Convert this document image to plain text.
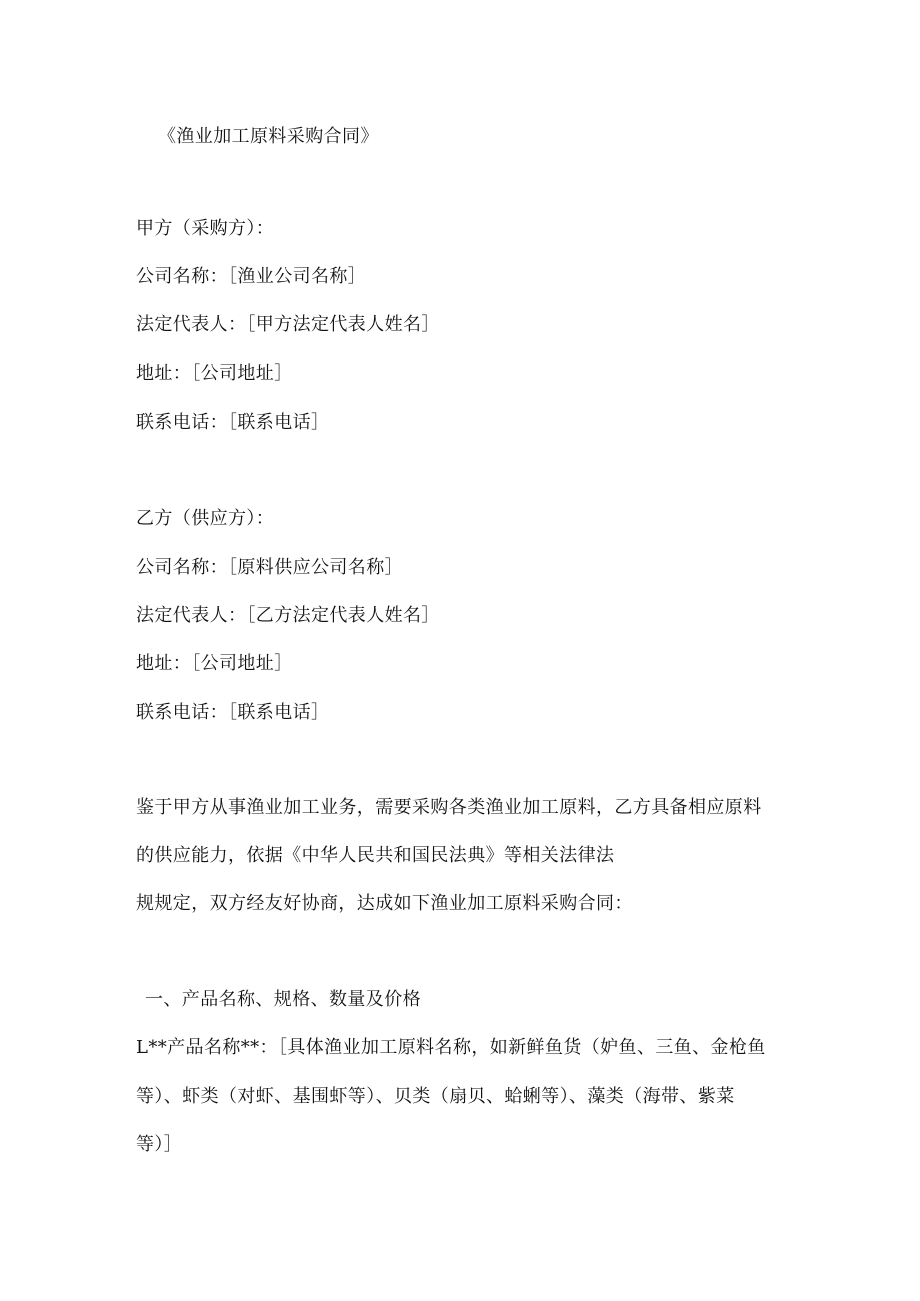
《渔业加工原料采购合同》
甲方（采购方）：
公司名称：［渔业公司名称］
法定代表人：［甲方法定代表人姓名］
地址：［公司地址］
联系电话：［联系电话］
乙方（供应方）：
公司名称：［原料供应公司名称］
法定代表人：［乙方法定代表人姓名］
地址：［公司地址］
联系电话：［联系电话］
鉴于甲方从事渔业加工业务，需要采购各类渔业加工原料，乙方具备相应原料
的供应能力，依据《中华人民共和国民法典》等相关法律法
规规定，双方经友好协商，达成如下渔业加工原料采购合同：
一、产品名称、规格、数量及价格
L**产品名称**：［具体渔业加工原料名称，如新鲜鱼货（妒鱼、三鱼、金枪鱼
等）、虾类（对虾、基围虾等）、贝类（扇贝、蛤蜊等）、藻类（海带、紫菜
等）］
